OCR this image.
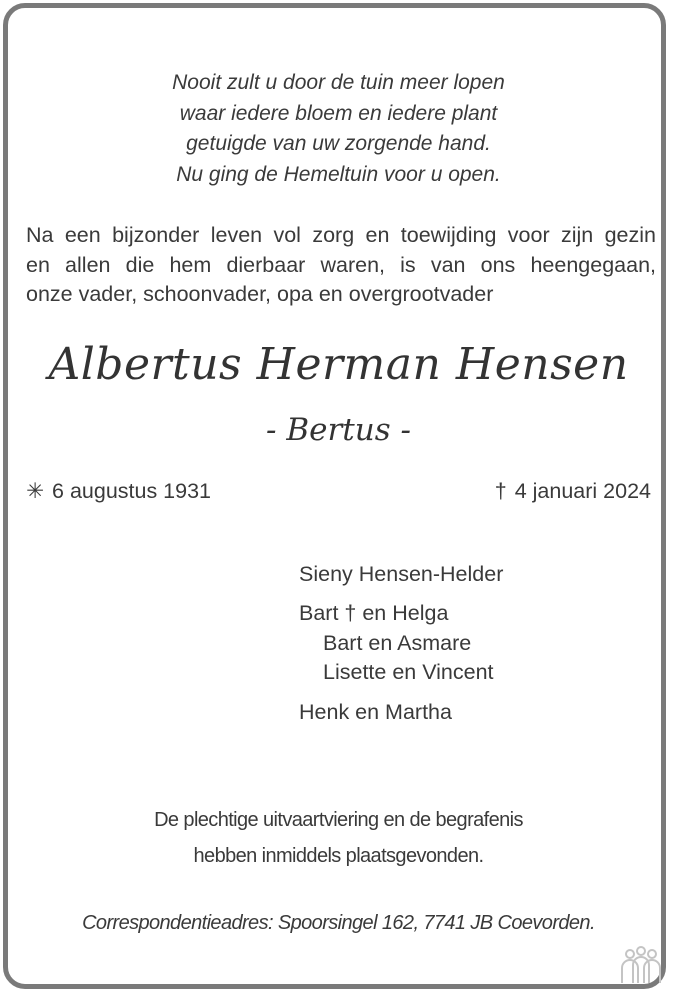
Nooit zult u door de tuin meer lopen
waar iedere bloem en iedere plant
getuigde van uw zorgende hand.
Nu ging de Hemeltuin voor u open.
Na een bijzonder leven vol zorg en toewijding voor zijn gezin
en allen die hem dierbaar waren, is van ons heengegaan,
onze vader, schoonvader, opa en overgrootvader
Albertus Herman Hensen
- Bertus -
✳ 6 augustus 1931	† 4 januari 2024
Sieny Hensen-Helder
Bart † en Helga
Bart en Asmare
Lisette en Vincent
Henk en Martha
De plechtige uitvaartviering en de begrafenis
hebben inmiddels plaatsgevonden.
Correspondentieadres: Spoorsingel 162, 7741 JB Coevorden.
